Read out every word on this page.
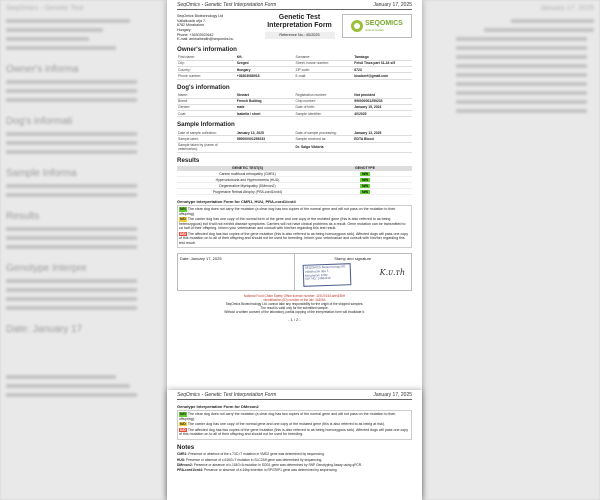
SeqOmics - Genetic Test
Owner's informa
Dog's informati
Sample Informa
Results
Genotype Interpre
Date: January 17
January 17, 2025
SeqOmics - Genetic Test Interpretation Form	January 17, 2025
SeqOmics Biotechnology Ltd
Vállalkozók utja 7.
6782 Mórahalom
Hungary
Phone: +36303922642
E-mail: animalhealth@seqomics.hu
Genetic Test Interpretation Form
Reference No.: 40/2025
SEQOMICS
Animal Health
Owner's information
First name:	Kft.	Surname:	Tamásgo
City:	Szeged	Street, house number:	Felső Tisza part 31-34 s/5
Country:	Hungary	ZIP code:	6723
Phone number:	+36303088918	E-mail:	kisaloref@gmail.com
Dog's information
Name:	Stewart	Registration number:	Not provided
Breed:	French Bulldog	Chip number:	990000001259233
Gender:	male	Date of birth:	January 15, 2024
Coat:	Isabella / short	Sample identifier:	40/2025
Sample Information
Date of sample collection:	January 13, 2025	Date of sample processing:	January 13, 2025
Sample label:	990000001259233	Sample received as:	EDTA Blood
Sample taken by (name of veterinarian):		Dr. Salgo Viktória	
Results
GENETIC TEST(S)	GENOTYPE
Canine multifocal retinopathy (CMR1)	N/N
Hyperuricosuria and Hyperuricemia (HUU)	N/N
Degenerative Myelopathy (DMexon2)	N/N
Progressive Retinal Atrophy (PRA-cord1/crd4)	N/N
Genotype Interpretation Form for CMR1, HUU, PRA-cord1/crd4
N/N The clear dog does not carry the mutation (a clear dog has two copies of the normal gene and will not pass on the mutation to their offspring).
N/D The carrier dog has one copy of the normal form of the gene and one copy of the mutated gene (this is also referred to as being heterozygous) but it will not exhibit disease symptoms. Carriers will not have clinical problems as a result. Gene mutation can be transmitted to ca half of their offspring. Inform your veterinarian and consult with him/her regarding this test result.
D/D The affected dog has two copies of the gene mutation (this is also referred to as being homozygous sick). Affected dogs will pass one copy of this mutation on to all of their offspring and should not be used for breeding. Inform your veterinarian and consult with him/her regarding this test result.
Date: January 17, 2025	Stamp and signature
SEQOMICS Biotechnology Kft.
Vállalkozók útja 7.
Mórahalom 6782
VAT NO: 14694119
K.ᴜ.ᴛh
National Food Chain Safety Office license number: 119/2015/LabNEBIH
Identification (ID) number of the lab: 118084
SeqOmics Biotechnology Ltd. cannot take any responsibility for the origin of the shipped samples.
The result is valid only for the submitted sample.
Without a written consent of the laboratory, partial copying of the interpretation form will invalidate it.
- 1 / 2 -
SeqOmics - Genetic Test Interpretation Form	January 17, 2025
Genotype Interpretation Form for DMexon2
N/N The clear dog does not carry the mutation (a clear dog has two copies of the normal gene and will not pass on the mutation to their offspring).
N/D The carrier dog has one copy of the normal gene and one copy of the mutated gene (this is also referred to as being at risk).
D/D The affected dog has two copies of the gene mutation (this is also referred to as being homozygous sick). Affected dogs will pass one copy of this mutation on to all of their offspring and should not be used for breeding.
Notes
CMR1: Presence or absence of the c.73C>T mutation in VMD2 gene was determined by sequencing.
HUU: Presence or absence of c.616G>T mutation in SLC2A9 gene was determined by sequencing.
DMexon2: Presence or absence of c.118G>A mutation in SOD1 gene was determined by SNP Genotyping Assay using qPCR.
PRA-cord1/crd4: Presence or absence of a 44bp insertion in RPGRIP1 gene was determined by sequencing.
